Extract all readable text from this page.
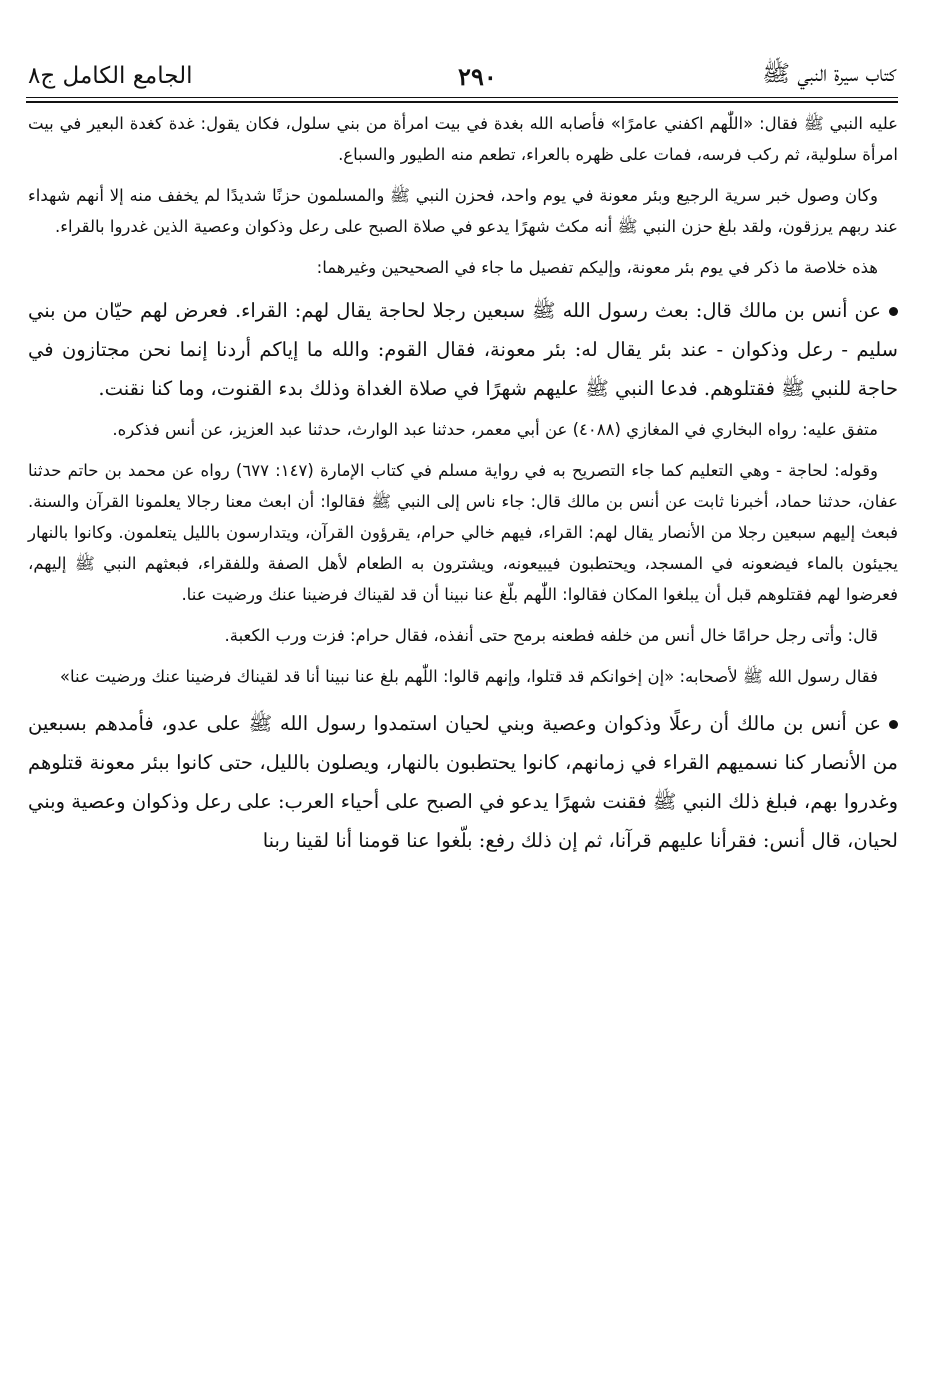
كتاب سيرة النبي ﷺ
٢٩٠
الجامع الكامل ج٨

عليه النبي ﷺ فقال: «اللّٰهم اكفني عامرًا» فأصابه الله بغدة في بيت امرأة من بني سلول، فكان يقول: غدة كغدة البعير في بيت امرأة سلولية، ثم ركب فرسه، فمات على ظهره بالعراء، تطعم منه الطيور والسباع.

وكان وصول خبر سرية الرجيع وبئر معونة في يوم واحد، فحزن النبي ﷺ والمسلمون حزنًا شديدًا لم يخفف منه إلا أنهم شهداء عند ربهم يرزقون، ولقد بلغ حزن النبي ﷺ أنه مكث شهرًا يدعو في صلاة الصبح على رعل وذكوان وعصية الذين غدروا بالقراء.

هذه خلاصة ما ذكر في يوم بئر معونة، وإليكم تفصيل ما جاء في الصحيحين وغيرهما:

عن أنس بن مالك قال: بعث رسول الله ﷺ سبعين رجلا لحاجة يقال لهم: القراء. فعرض لهم حيّان من بني سليم - رعل وذكوان - عند بئر يقال له: بئر معونة، فقال القوم: والله ما إياكم أردنا إنما نحن مجتازون في حاجة للنبي ﷺ فقتلوهم. فدعا النبي ﷺ عليهم شهرًا في صلاة الغداة وذلك بدء القنوت، وما كنا نقنت.

متفق عليه: رواه البخاري في المغازي (٤٠٨٨) عن أبي معمر، حدثنا عبد الوارث، حدثنا عبد العزيز، عن أنس فذكره.

وقوله: لحاجة - وهي التعليم كما جاء التصريح به في رواية مسلم في كتاب الإمارة (١٤٧: ٦٧٧) رواه عن محمد بن حاتم حدثنا عفان، حدثنا حماد، أخبرنا ثابت عن أنس بن مالك قال: جاء ناس إلى النبي ﷺ فقالوا: أن ابعث معنا رجالا يعلمونا القرآن والسنة. فبعث إليهم سبعين رجلا من الأنصار يقال لهم: القراء، فيهم خالي حرام، يقرؤون القرآن، ويتدارسون بالليل يتعلمون. وكانوا بالنهار يجيئون بالماء فيضعونه في المسجد، ويحتطبون فيبيعونه، ويشترون به الطعام لأهل الصفة وللفقراء، فبعثهم النبي ﷺ إليهم، فعرضوا لهم فقتلوهم قبل أن يبلغوا المكان فقالوا: اللّٰهم بلّغ عنا نبينا أن قد لقيناك فرضينا عنك ورضيت عنا.

قال: وأتى رجل حرامًا خال أنس من خلفه فطعنه برمح حتى أنفذه، فقال حرام: فزت ورب الكعبة.

فقال رسول الله ﷺ لأصحابه: «إن إخوانكم قد قتلوا، وإنهم قالوا: اللّٰهم بلغ عنا نبينا أنا قد لقيناك فرضينا عنك ورضيت عنا»

عن أنس بن مالك أن رعلًا وذكوان وعصية وبني لحيان استمدوا رسول الله ﷺ على عدو، فأمدهم بسبعين من الأنصار كنا نسميهم القراء في زمانهم، كانوا يحتطبون بالنهار، ويصلون بالليل، حتى كانوا ببئر معونة قتلوهم وغدروا بهم، فبلغ ذلك النبي ﷺ فقنت شهرًا يدعو في الصبح على أحياء العرب: على رعل وذكوان وعصية وبني لحيان، قال أنس: فقرأنا عليهم قرآنا، ثم إن ذلك رفع: بلّغوا عنا قومنا أنا لقينا ربنا
